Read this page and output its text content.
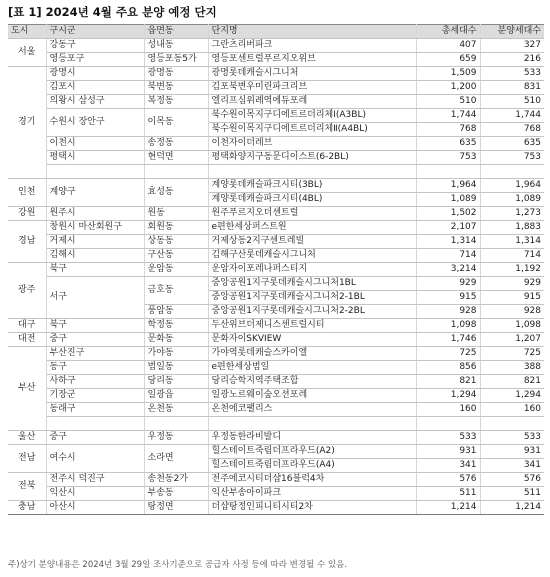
[표 1] 2024년 4월 주요 분양 예정 단지
도시	구시군	읍면동	단지명	총세대수	분양세대수
서울	강동구	성내동	그란츠리버파크	407	327
	영등포구	영등포동5가	영등포센트럴푸르지오위브	659	216
경기	광명시	광명동	광명롯데캐슬시그니처	1,509	533
	김포시	북변동	김포북변우미린파크리브	1,200	831
	의왕시 삼성구	복정동	엘리프심위례역에듀포레	510	510
	수원시 장안구	이목동	북수원이목지구디에트르더리체Ⅰ(A3BL)	1,744	1,744
			북수원이목지구디에트르더리체Ⅱ(A4BL)	768	768
	이천시	송정동	이천자이더레브	635	635
	평택시	현덕면	평택화양지구동문디이스트(6-2BL)	753	753

인천	계양구	효성동	계양롯데캐슬파크시티(3BL)	1,964	1,964
			계양롯데캐슬파크시티(4BL)	1,089	1,089
강원	원주시	원동	원주푸르지오더센트럴	1,502	1,273
경남	창원시 마산회원구	회원동	e편한세상퍼스트원	2,107	1,883
	거제시	상동동	거제상동2지구센트레빌	1,314	1,314
	김해시	구산동	김해구산롯데캐슬시그니처	714	714
광주	북구	운암동	운암자이포레나퍼스티지	3,214	1,192
	서구	금호동	중앙공원1지구롯데캐슬시그니처1BL	929	929
			중앙공원1지구롯데캐슬시그니처2-1BL	915	915
		풍암동	중앙공원1지구롯데캐슬시그니처2-2BL	928	928
대구	북구	학정동	두산위브더제니스센트럴시티	1,098	1,098
대전	중구	문화동	문화자이SKVIEW	1,746	1,207
부산	부산진구	가야동	가야역롯데캐슬스카이엘	725	725
	동구	범일동	e편한세상범일	856	388
	사하구	당리동	당리승학지역주택조합	821	821
	기장군	일광읍	일광노르웨이숲오션포레	1,294	1,294
	동래구	온천동	온천에코팰리스	160	160

울산	중구	우정동	우정동한라비발디	533	533
전남	여수시	소라면	힐스테이트죽림더프라우드(A2)	931	931
			힐스테이트죽림더프라우드(A4)	341	341
전북	전주시 덕진구	송천동2가	전주에코시티더샵16블럭4차	576	576
	익산시	부송동	익산부송아이파크	511	511
충남	아산시	탕정면	더샵탕정인피니티시티2차	1,214	1,214
주)상기 분양내용은 2024년 3월 29일 조사기준으로 공급자 사정 등에 따라 변경될 수 있음.
